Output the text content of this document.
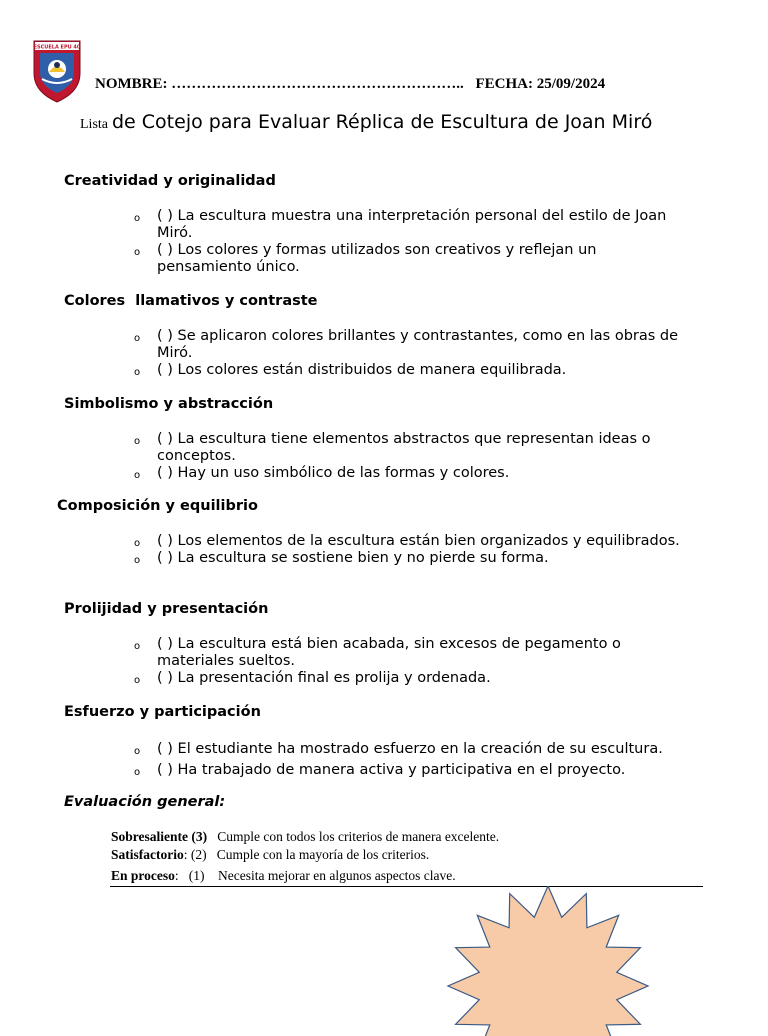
ESCUELA EPU 40
NOMBRE: ………………………………………………….. FECHA: 25/09/2024
Lista de Cotejo para Evaluar Réplica de Escultura de Joan Miró
Creatividad y originalidad
o ( ) La escultura muestra una interpretación personal del estilo de Joan Miró.
o ( ) Los colores y formas utilizados son creativos y reflejan un pensamiento único.
Colores  llamativos y contraste
o ( ) Se aplicaron colores brillantes y contrastantes, como en las obras de Miró.
o ( ) Los colores están distribuidos de manera equilibrada.
Simbolismo y abstracción
o ( ) La escultura tiene elementos abstractos que representan ideas o conceptos.
o ( ) Hay un uso simbólico de las formas y colores.
Composición y equilibrio
o ( ) Los elementos de la escultura están bien organizados y equilibrados.
o ( ) La escultura se sostiene bien y no pierde su forma.
Prolijidad y presentación
o ( ) La escultura está bien acabada, sin excesos de pegamento o materiales sueltos.
o ( ) La presentación final es prolija y ordenada.
Esfuerzo y participación
o ( ) El estudiante ha mostrado esfuerzo en la creación de su escultura.
o ( ) Ha trabajado de manera activa y participativa en el proyecto.
Evaluación general:
Sobresaliente (3) Cumple con todos los criterios de manera excelente.
Satisfactorio: (2) Cumple con la mayoría de los criterios.
En proceso:   (1) Necesita mejorar en algunos aspectos clave.
